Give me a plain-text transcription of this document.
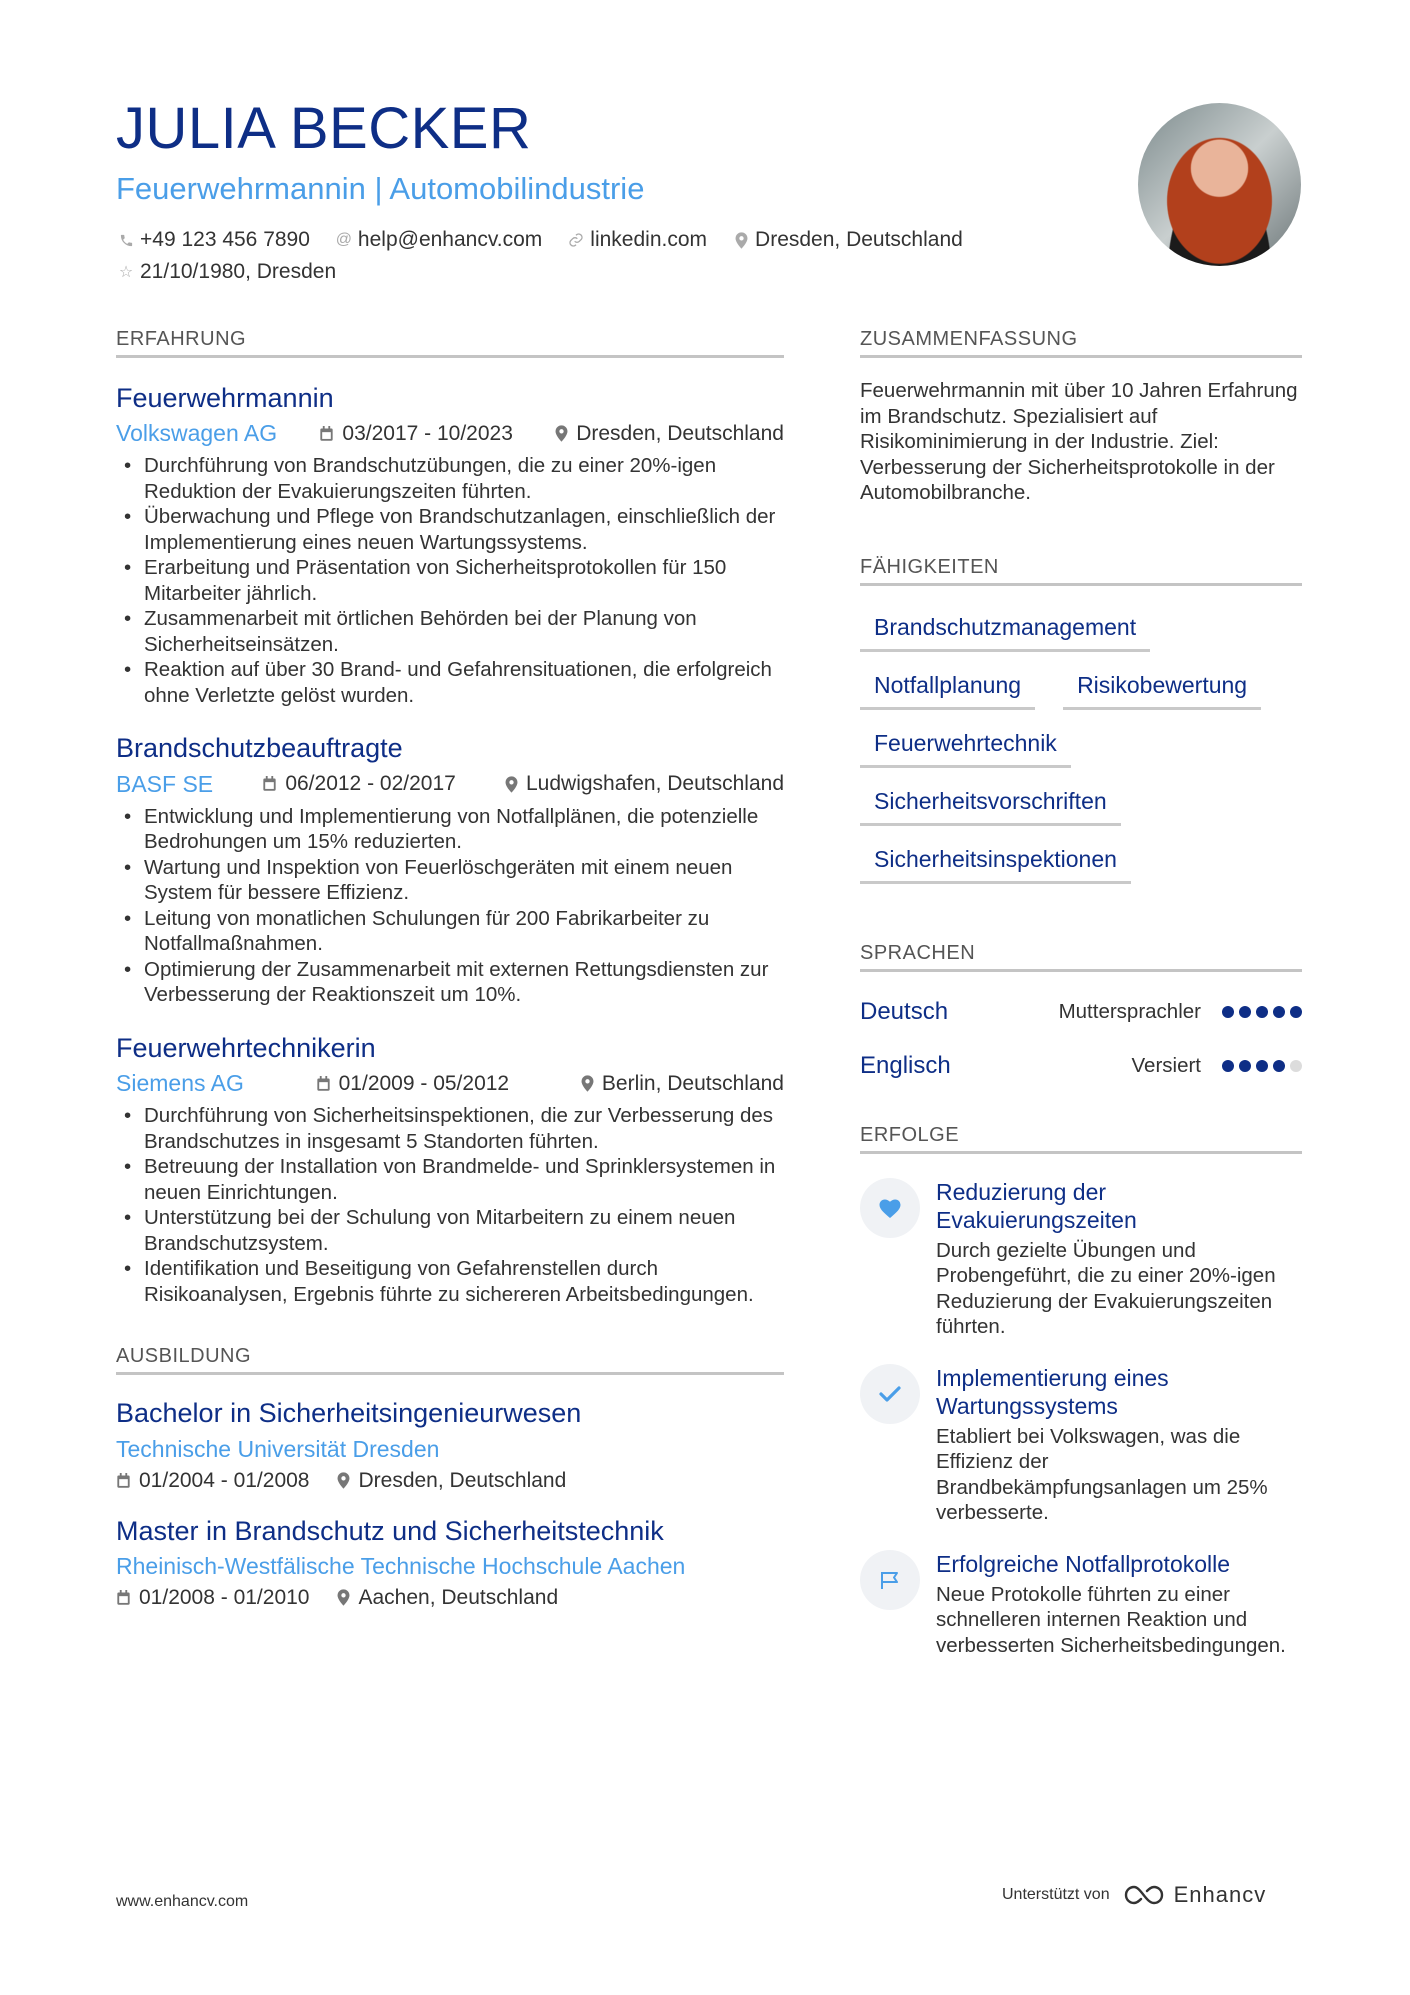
JULIA BECKER
Feuerwehrmannin | Automobilindustrie
+49 123 456 7890 @ help@enhancv.com linkedin.com Dresden, Deutschland
☆ 21/10/1980, Dresden
ERFAHRUNG
Feuerwehrmannin
Volkswagen AG	03/2017 - 10/2023	Dresden, Deutschland
• Durchführung von Brandschutzübungen, die zu einer 20%-igen Reduktion der Evakuierungszeiten führten.
• Überwachung und Pflege von Brandschutzanlagen, einschließlich der Implementierung eines neuen Wartungssystems.
• Erarbeitung und Präsentation von Sicherheitsprotokollen für 150 Mitarbeiter jährlich.
• Zusammenarbeit mit örtlichen Behörden bei der Planung von Sicherheitseinsätzen.
• Reaktion auf über 30 Brand- und Gefahrensituationen, die erfolgreich ohne Verletzte gelöst wurden.
Brandschutzbeauftragte
BASF SE	06/2012 - 02/2017	Ludwigshafen, Deutschland
• Entwicklung und Implementierung von Notfallplänen, die potenzielle Bedrohungen um 15% reduzierten.
• Wartung und Inspektion von Feuerlöschgeräten mit einem neuen System für bessere Effizienz.
• Leitung von monatlichen Schulungen für 200 Fabrikarbeiter zu Notfallmaßnahmen.
• Optimierung der Zusammenarbeit mit externen Rettungsdiensten zur Verbesserung der Reaktionszeit um 10%.
Feuerwehrtechnikerin
Siemens AG	01/2009 - 05/2012	Berlin, Deutschland
• Durchführung von Sicherheitsinspektionen, die zur Verbesserung des Brandschutzes in insgesamt 5 Standorten führten.
• Betreuung der Installation von Brandmelde- und Sprinklersystemen in neuen Einrichtungen.
• Unterstützung bei der Schulung von Mitarbeitern zu einem neuen Brandschutzsystem.
• Identifikation und Beseitigung von Gefahrenstellen durch Risikoanalysen, Ergebnis führte zu sichereren Arbeitsbedingungen.
AUSBILDUNG
Bachelor in Sicherheitsingenieurwesen
Technische Universität Dresden
01/2004 - 01/2008 Dresden, Deutschland
Master in Brandschutz und Sicherheitstechnik
Rheinisch-Westfälische Technische Hochschule Aachen
01/2008 - 01/2010 Aachen, Deutschland
ZUSAMMENFASSUNG
Feuerwehrmannin mit über 10 Jahren Erfahrung im Brandschutz. Spezialisiert auf Risikominimierung in der Industrie. Ziel: Verbesserung der Sicherheitsprotokolle in der Automobilbranche.
FÄHIGKEITEN
Brandschutzmanagement
Notfallplanung	Risikobewertung
Feuerwehrtechnik
Sicherheitsvorschriften
Sicherheitsinspektionen
SPRACHEN
Deutsch	Muttersprachler
Englisch	Versiert
ERFOLGE
Reduzierung der Evakuierungszeiten
Durch gezielte Übungen und Probengeführt, die zu einer 20%-igen Reduzierung der Evakuierungszeiten führten.
Implementierung eines Wartungssystems
Etabliert bei Volkswagen, was die Effizienz der Brandbekämpfungsanlagen um 25% verbesserte.
Erfolgreiche Notfallprotokolle
Neue Protokolle führten zu einer schnelleren internen Reaktion und verbesserten Sicherheitsbedingungen.
www.enhancv.com	Unterstützt von	Enhancv
